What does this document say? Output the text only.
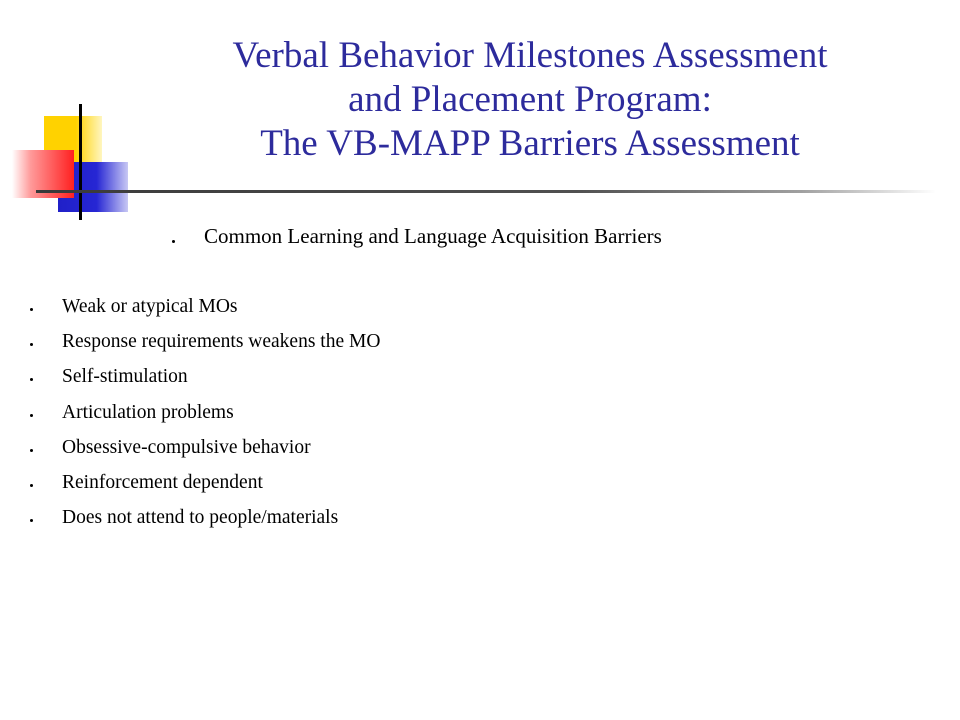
Verbal Behavior Milestones Assessment
and Placement Program:
The VB-MAPP Barriers Assessment
Common Learning and Language Acquisition Barriers
Weak or atypical MOs
Response requirements weakens the MO
Self-stimulation
Articulation problems
Obsessive-compulsive behavior
Reinforcement dependent
Does not attend to people/materials
